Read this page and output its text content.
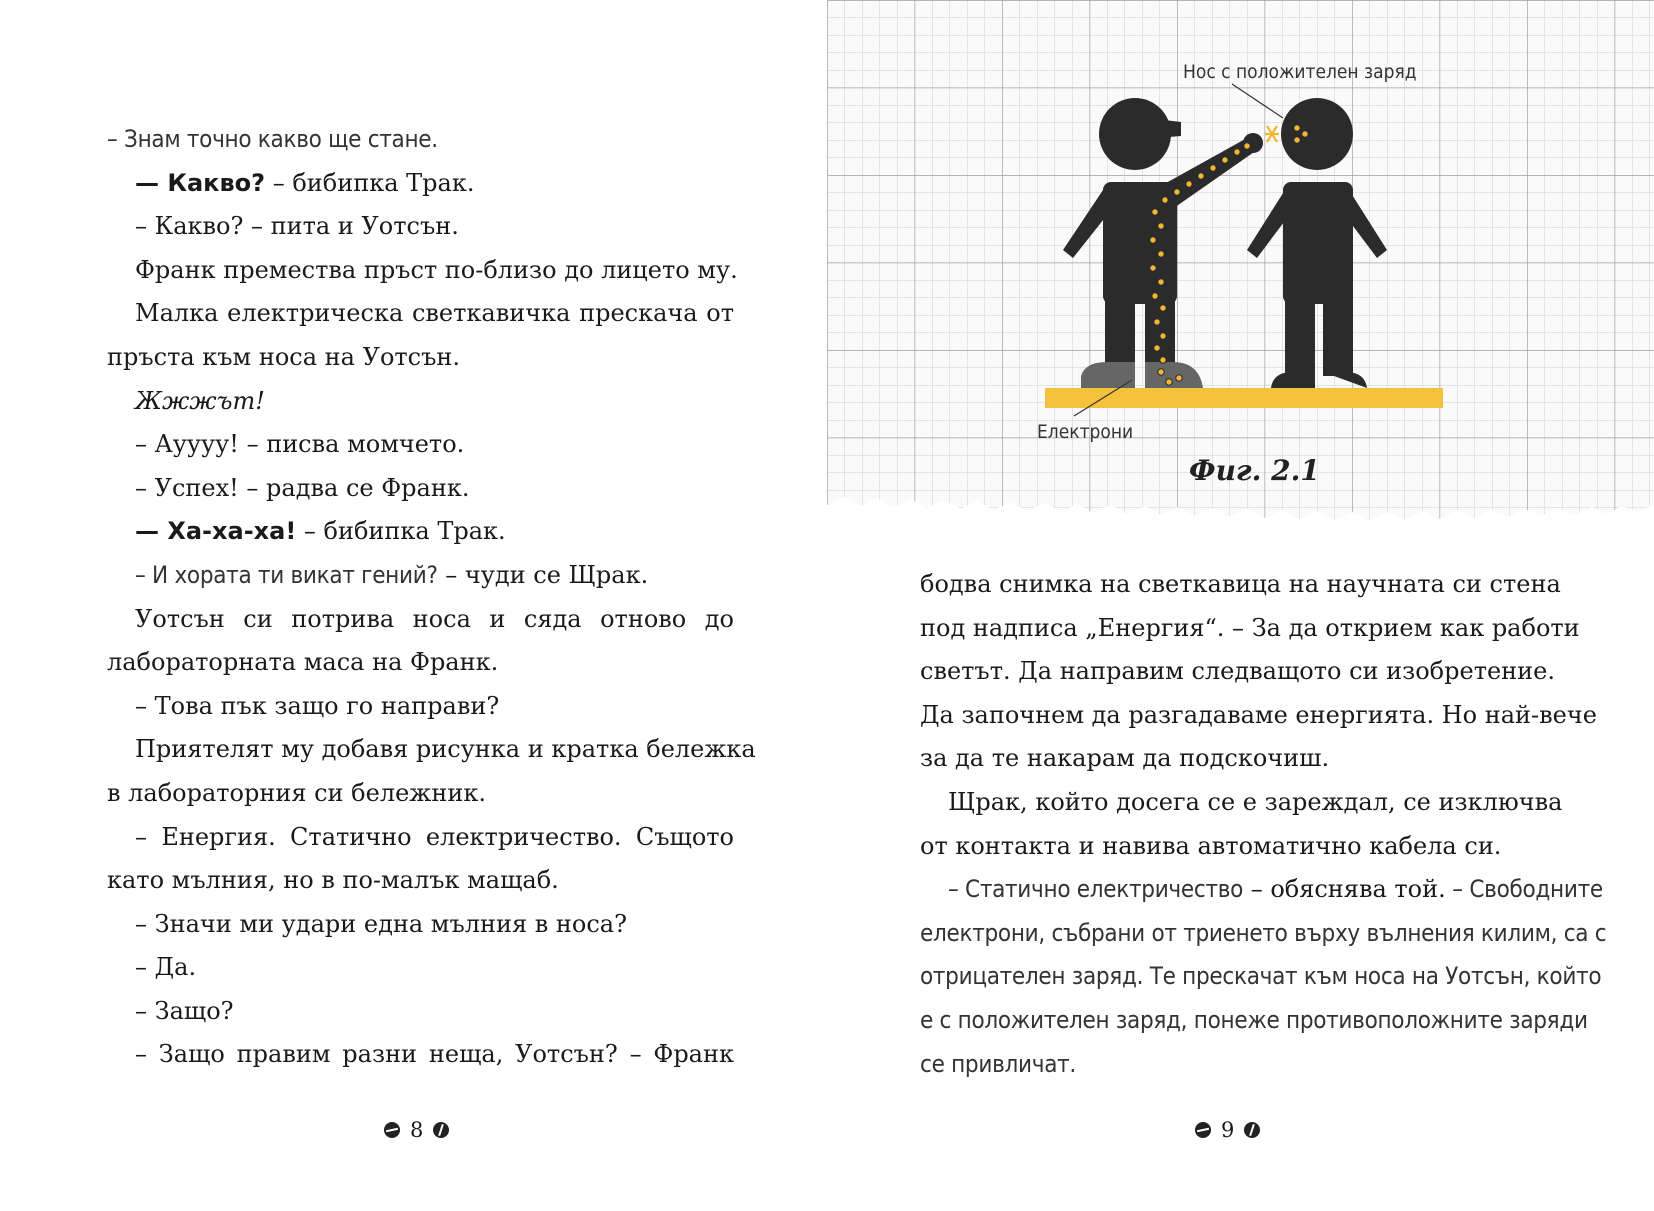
– Знам точно какво ще стане.
— Какво? – бибипка Трак.
– Какво? – пита и Уотсън.
Франк премества пръст по-близо до лицето му.
Малка електрическа светкавичка прескача от
пръста към носа на Уотсън.
Жжжът!
– Ауууу! – писва момчето.
– Успех! – радва се Франк.
— Ха-ха-ха! – бибипка Трак.
– И хората ти викат гений? – чуди се Щрак.
Уотсън си потрива носа и сяда отново до
лабораторната маса на Франк.
– Това пък защо го направи?
Приятелят му добавя рисунка и кратка бележка
в лабораторния си бележник.
– Енергия. Статично електричество. Същото
като мълния, но в по-малък мащаб.
– Значи ми удари една мълния в носа?
– Да.
– Защо?
– Защо правим разни неща, Уотсън? – Франк
8
Нос с положителен заряд
Електрони
Фиг. 2.1
бодва снимка на светкавица на научната си стена
под надписа „Енергия“. – За да открием как работи
светът. Да направим следващото си изобретение.
Да започнем да разгадаваме енергията. Но най-вече
за да те накарам да подскочиш.
Щрак, който досега се е зареждал, се изключва
от контакта и навива автоматично кабела си.
– Статично електричество – обяснява той. – Свободните
електрони, събрани от триенето върху вълнения килим, са с
отрицателен заряд. Те прескачат към носа на Уотсън, който
е с положителен заряд, понеже противоположните заряди
се привличат.
9
